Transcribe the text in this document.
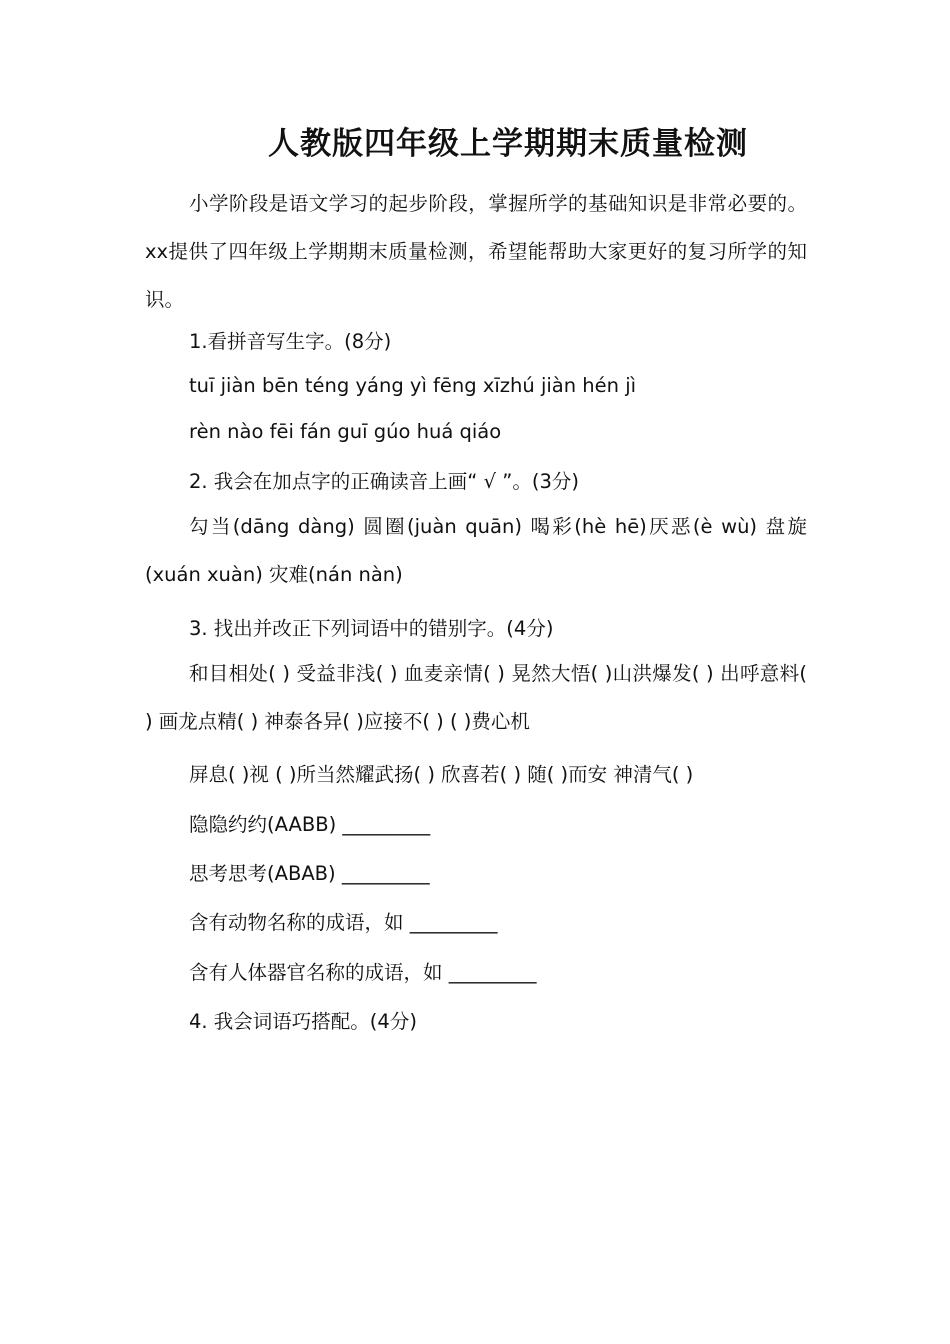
人教版四年级上学期期末质量检测

小学阶段是语文学习的起步阶段，掌握所学的基础知识是非常必要的。xx提供了四年级上学期期末质量检测，希望能帮助大家更好的复习所学的知识。

1.看拼音写生字。(8分)

tuī jiàn bēn téng yáng yì fēng xīzhú jiàn hén jì

rèn nào fēi fán guī gúo huá qiáo

2. 我会在加点字的正确读音上画“ √ ”。(3分)

勾当(dāng dàng) 圆圈(juàn quān) 喝彩(hè hē)厌恶(è wù) 盘旋(xuán xuàn) 灾难(nán nàn)

3. 找出并改正下列词语中的错别字。(4分)

和目相处( ) 受益非浅( ) 血麦亲情( ) 晃然大悟( )山洪爆发( ) 出呼意料( ) 画龙点精( ) 神泰各异( )应接不( ) ( )费心机

屏息( )视 ( )所当然耀武扬( ) 欣喜若( ) 随( )而安 神清气( )

隐隐约约(AABB) _________

思考思考(ABAB) _________

含有动物名称的成语，如 _________

含有人体器官名称的成语，如 _________

4. 我会词语巧搭配。(4分)
